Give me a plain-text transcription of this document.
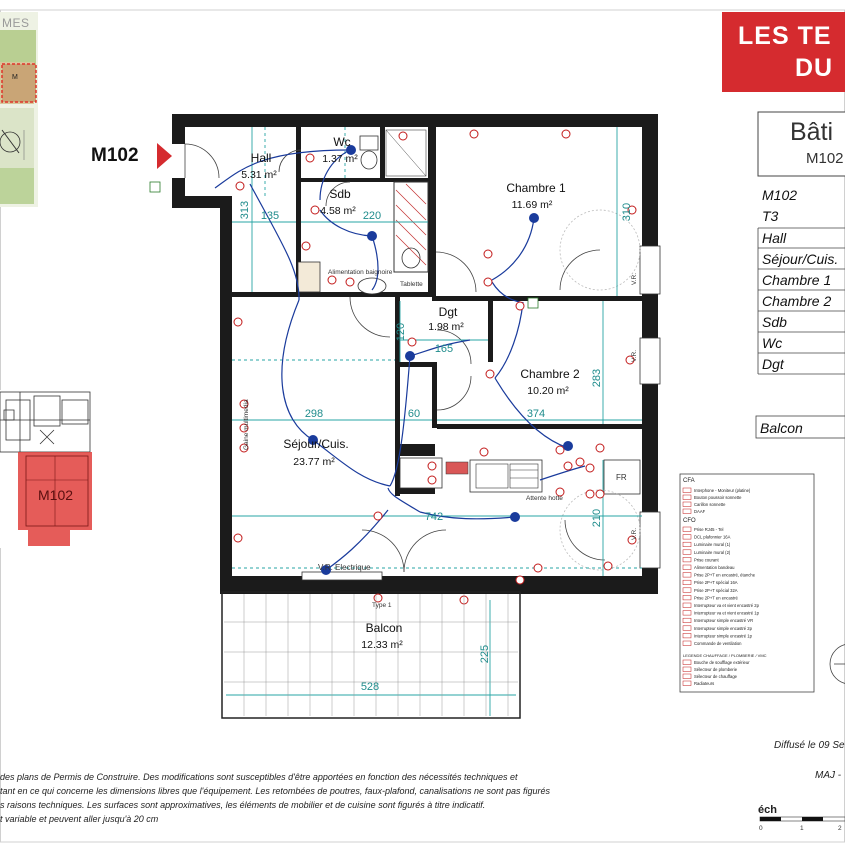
Hall
5.31 m²
Wc
1.37 m²
Sdb
4.58 m²
Chambre 1
11.69 m²
Dgt
1.98 m²
Chambre 2
10.20 m²
Séjour/Cuis.
23.77 m²
Balcon
12.33 m²
135	220
313	310
120
165
283
298	60	374
742	210
225
528
Alimentation baignoire
Tablette
V.R. Electrique
Type 1
Attente hotte
FR
V.R.
V.R.
V.R.
Gaine multimedia
M102
T3
Hall
Séjour/Cuis.
Chambre 1
Chambre 2
Sdb
Wc
Dgt
Balcon
CFA
CFO
Interphone - Moniteur (platine)
Bouton poussoir sonnette
Carillon sonnette
DAAF
Prise RJ45 - Tel
DCL plafonnier 16A
Luminaire mural (1)
Luminaire mural (2)
Prise courant
Alimentation bandeau
Prise 2P+T en encastré, étanche
Prise 2P+T spécial 16A
Prise 2P+T spécial 32A
Prise 2P+T en encastré
Interrupteur va et vient encastré 2p
Interrupteur va et vient encastré 1p
Interrupteur simple encastré VR
Interrupteur simple encastré 2p
Interrupteur simple encastré 1p
Commande de ventilation
LEGENDE CHAUFFAGE / PLOMBERIE / VMC
Bouche de soufflage extérieur
Sélecteur de plomberie
Sélecteur de chauffage
Radiateurs
0	1	2
MES
M
LES TE
DU
Bâti
M102
M102
M102
Diffusé le 09 Se
MAJ -
éch
des plans de Permis de Construire. Des modifications sont susceptibles d'être apportées en fonction des nécessités techniques et
tant en ce qui concerne les dimensions libres que l'équipement. Les retombées de poutres, faux-plafond, canalisations ne sont pas figurés
s raisons techniques. Les surfaces sont approximatives, les éléments de mobilier et de cuisine sont figurés à titre indicatif.
t variable et peuvent aller jusqu'à 20 cm
